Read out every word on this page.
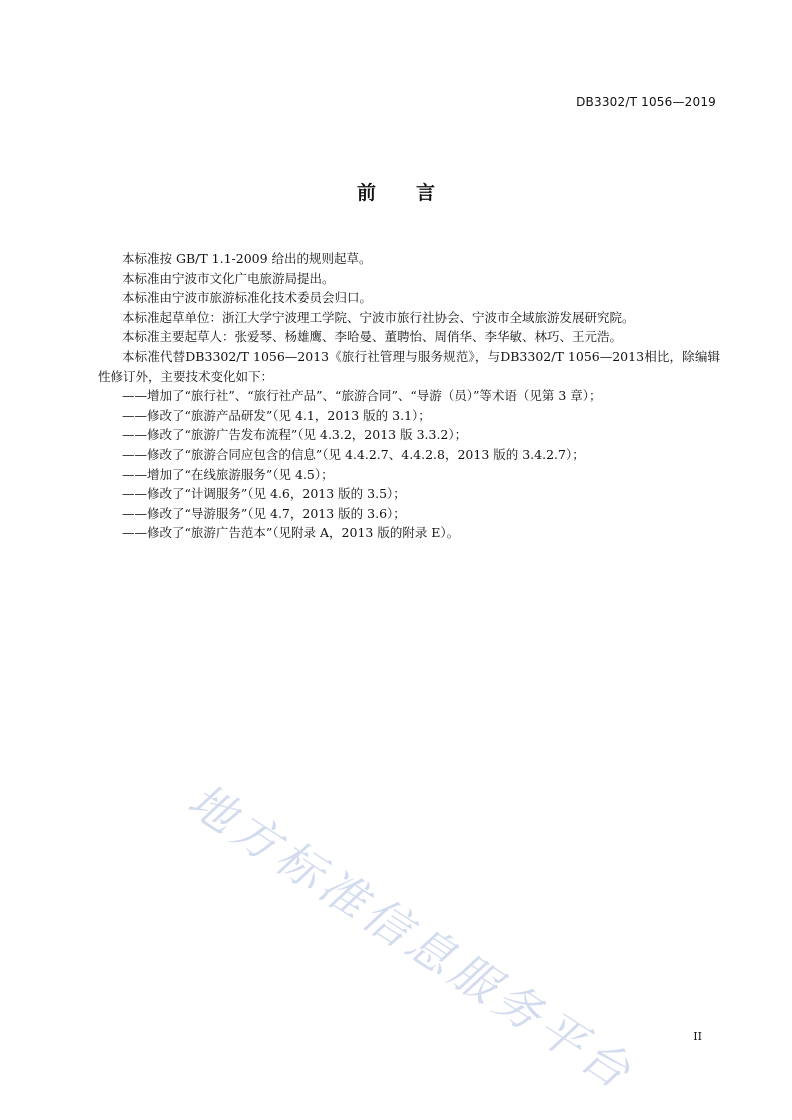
DB3302/T 1056—2019
前言

本标准按 GB/T 1.1-2009 给出的规则起草。

本标准由宁波市文化广电旅游局提出。

本标准由宁波市旅游标准化技术委员会归口。

本标准起草单位：浙江大学宁波理工学院、宁波市旅行社协会、宁波市全域旅游发展研究院。

本标准主要起草人：张爱琴、杨雄鹰、李哈曼、董聘怡、周俏华、李华敏、林巧、王元浩。

本标准代替DB3302/T 1056—2013《旅行社管理与服务规范》，与DB3302/T 1056—2013相比，除编辑性修订外，主要技术变化如下：

——增加了“旅行社”、“旅行社产品”、“旅游合同”、“导游（员）”等术语（见第 3 章）；
——修改了“旅游产品研发”（见 4.1，2013 版的 3.1）；
——修改了“旅游广告发布流程”（见 4.3.2，2013 版 3.3.2）；
——修改了“旅游合同应包含的信息”（见 4.4.2.7、4.4.2.8，2013 版的 3.4.2.7）；
——增加了“在线旅游服务”（见 4.5）；
——修改了“计调服务”（见 4.6，2013 版的 3.5）；
——修改了“导游服务”（见 4.7，2013 版的 3.6）；
——修改了“旅游广告范本”（见附录 A，2013 版的附录 E）。
地方标准信息服务平台	II
